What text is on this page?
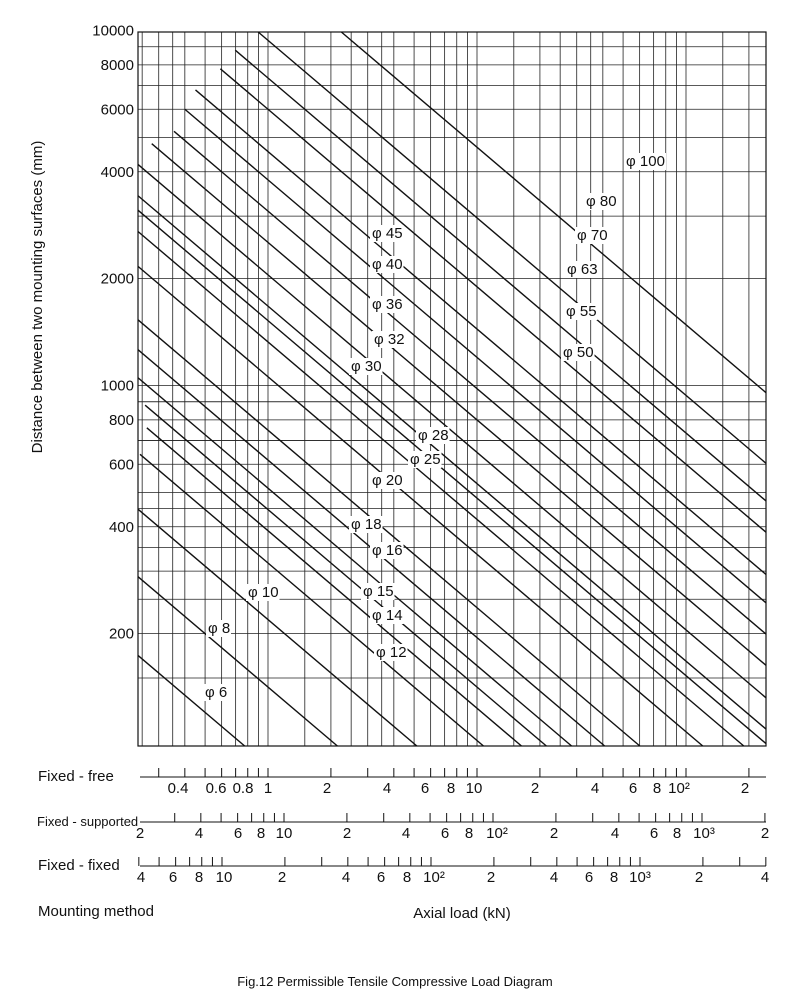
10000
8000
6000
4000
2000
1000
800
600
400
200
φ 6
φ 8
φ 10
φ 12
φ 14
φ 15
φ 16
φ 18
φ 20
φ 25
φ 28
φ 30
φ 32
φ 36
φ 40
φ 45
φ 50
φ 55
φ 63
φ 70
φ 80
φ 100
Fixed - free
0.4 0.6 0.8 1	2	4 6 8 10	2	4 6 8 10²	2
Fixed - supported
2	4 6 8 10	2	4 6 8 10²	2	4 6 8 10³	2
Fixed - fixed
4 6 8 10	2	4 6 8 10²	2	4 6 8 10³	2	4
Distance between two mounting surfaces (mm)
Mounting method	Axial load (kN)
Fig.12 Permissible Tensile Compressive Load Diagram
